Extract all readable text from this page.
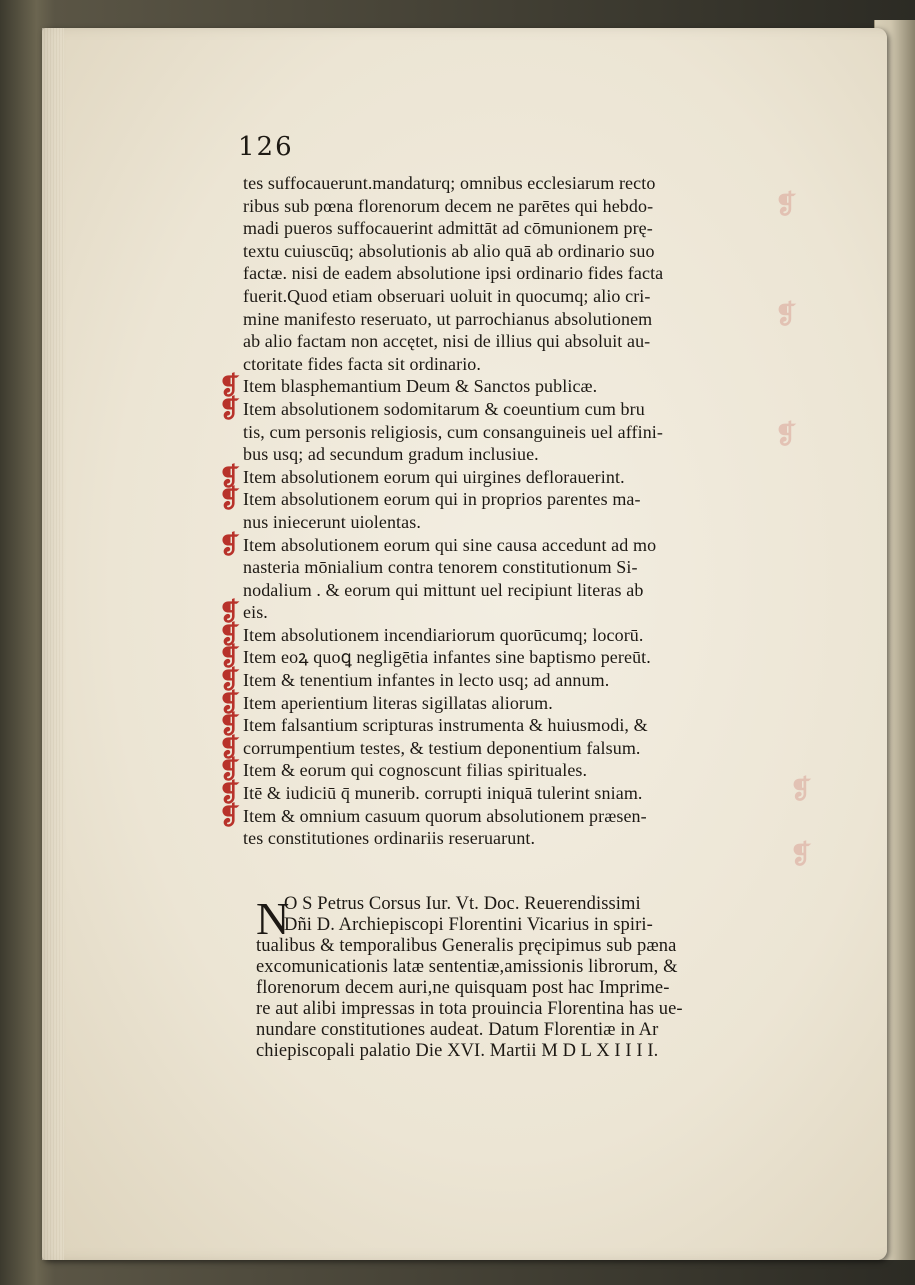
❡
❡
❡
❡
❡
126
tes suffocauerunt.mandaturq; omnibus ecclesiarum recto
ribus sub pœna florenorum decem ne parētes qui hebdo-
madi pueros suffocauerint admittāt ad cōmunionem prę-
textu cuiuscūq; absolutionis ab alio quā ab ordinario suo
factæ. nisi de eadem absolutione ipsi ordinario fides facta
fuerit.Quod etiam obseruari uoluit in quocumq; alio cri-
mine manifesto reseruato, ut parrochianus absolutionem
ab alio factam non accętet, nisi de illius qui absoluit au-
ctoritate fides facta sit ordinario.
❡ Item blasphemantium Deum & Sanctos publicæ.
❡ Item absolutionem sodomitarum & coeuntium cum bru
tis, cum personis religiosis, cum consanguineis uel affini-
bus usq; ad secundum gradum inclusiue.
❡ Item absolutionem eorum qui uirgines deflorauerint.
❡ Item absolutionem eorum qui in proprios parentes ma-
nus iniecerunt uiolentas.
❡ Item absolutionem eorum qui sine causa accedunt ad mo
nasteria mōnialium contra tenorem constitutionum Si-
nodalium . & eorum qui mittunt uel recipiunt literas ab
❡ eis.
❡ Item absolutionem incendiariorum quorūcumq; locorū.
❡ Item eoꝝ quoꝗ negligētia infantes sine baptismo pereūt.
❡ Item & tenentium infantes in lecto usq; ad annum.
❡ Item aperientium literas sigillatas aliorum.
❡ Item falsantium scripturas instrumenta & huiusmodi, &
❡ corrumpentium testes, & testium deponentium falsum.
❡ Item & eorum qui cognoscunt filias spirituales.
❡ Itē & iudiciū q̄ munerib. corrupti iniquā tulerint sniam.
❡ Item & omnium casuum quorum absolutionem præsen-
tes constitutiones ordinariis reseruarunt.
N
O S Petrus Corsus Iur. Vt. Doc. Reuerendissimi
Dñi D. Archiepiscopi Florentini Vicarius in spiri-
tualibus & temporalibus Generalis pręcipimus sub pæna
excomunicationis latæ sententiæ,amissionis librorum, &
florenorum decem auri,ne quisquam post hac Imprime-
re aut alibi impressas in tota prouincia Florentina has ue-
nundare constitutiones audeat. Datum Florentiæ in Ar
chiepiscopali palatio Die XVI. Martii M D L X I I I I.
